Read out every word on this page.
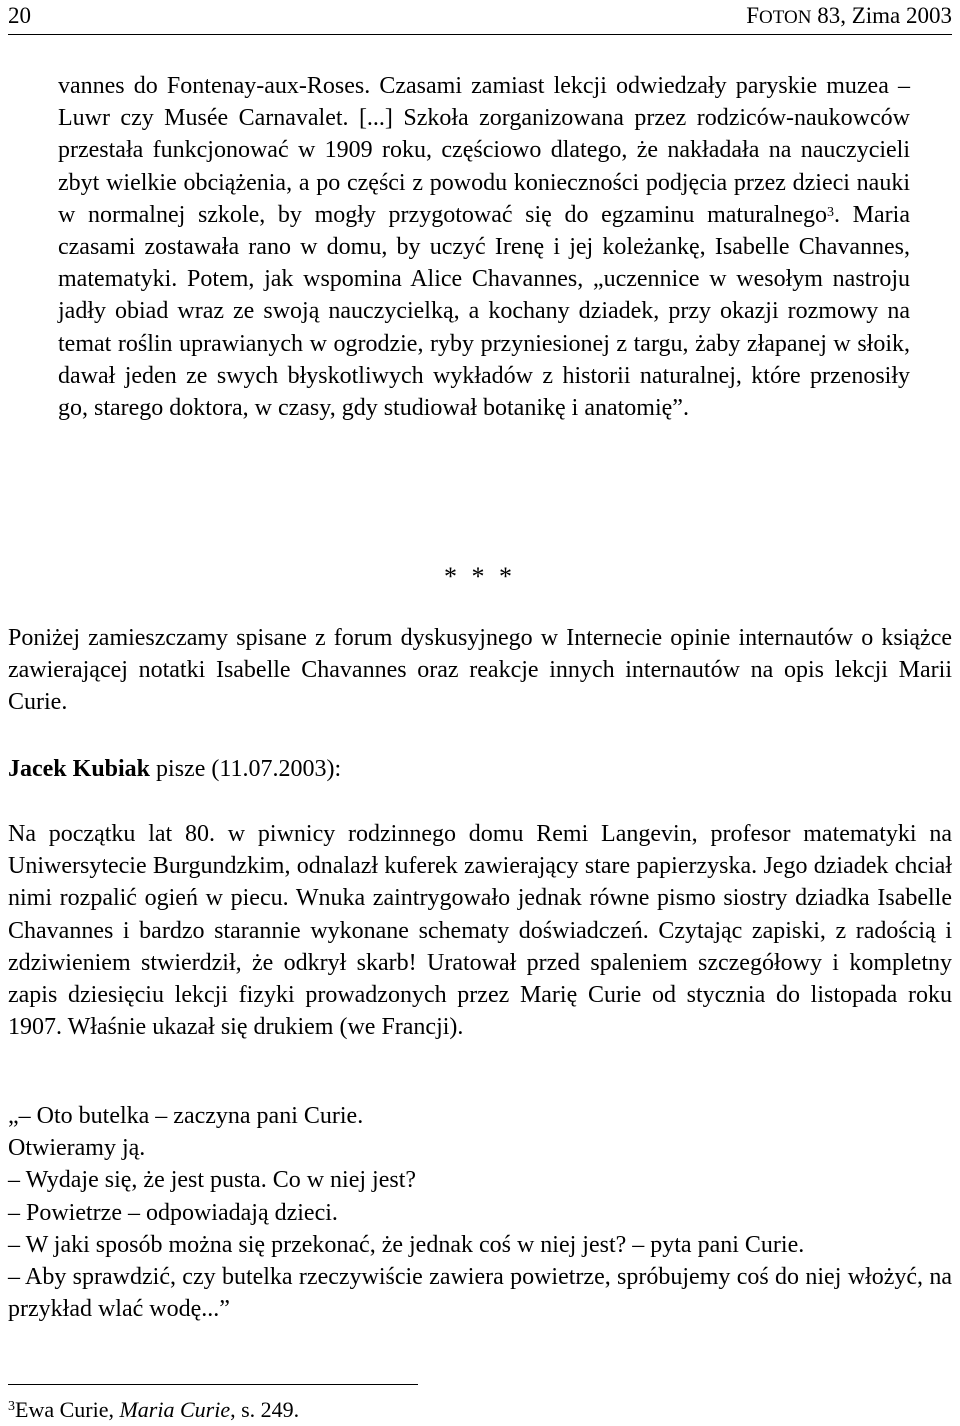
20	FOTON 83, Zima 2003

vannes do Fontenay-aux-Roses. Czasami zamiast lekcji odwiedzały paryskie muzea – Luwr czy Musée Carnavalet. [...] Szkoła zorganizowana przez rodziców-naukowców przestała funkcjonować w 1909 roku, częściowo dlatego, że nakładała na nauczycieli zbyt wielkie obciążenia, a po części z powodu konieczności podjęcia przez dzieci nauki w normalnej szkole, by mogły przygotować się do egzaminu maturalnego$^3$. Maria czasami zostawała rano w domu, by uczyć Irenę i jej koleżankę, Isabelle Chavannes, matematyki. Potem, jak wspomina Alice Chavannes, „uczennice w wesołym nastroju jadły obiad wraz ze swoją nauczycielką, a kochany dziadek, przy okazji rozmowy na temat roślin uprawianych w ogrodzie, ryby przyniesionej z targu, żaby złapanej w słoik, dawał jeden ze swych błyskotliwych wykładów z historii naturalnej, które przenosiły go, starego doktora, w czasy, gdy studiował botanikę i anatomię”.

* * *

Poniżej zamieszczamy spisane z forum dyskusyjnego w Internecie opinie internautów o książce zawierającej notatki Isabelle Chavannes oraz reakcje innych internautów na opis lekcji Marii Curie.

Jacek Kubiak pisze (11.07.2003):

Na początku lat 80. w piwnicy rodzinnego domu Remi Langevin, profesor matematyki na Uniwersytecie Burgundzkim, odnalazł kuferek zawierający stare papierzyska. Jego dziadek chciał nimi rozpalić ogień w piecu. Wnuka zaintrygowało jednak równe pismo siostry dziadka Isabelle Chavannes i bardzo starannie wykonane schematy doświadczeń. Czytając zapiski, z radością i zdziwieniem stwierdził, że odkrył skarb! Uratował przed spaleniem szczegółowy i kompletny zapis dziesięciu lekcji fizyki prowadzonych przez Marię Curie od stycznia do listopada roku 1907. Właśnie ukazał się drukiem (we Francji).

„– Oto butelka – zaczyna pani Curie.

Otwieramy ją.

– Wydaje się, że jest pusta. Co w niej jest?

– Powietrze – odpowiadają dzieci.

– W jaki sposób można się przekonać, że jednak coś w niej jest? – pyta pani Curie.

– Aby sprawdzić, czy butelka rzeczywiście zawiera powietrze, spróbujemy coś do niej włożyć, na przykład wlać wodę...”

$^3$Ewa Curie, Maria Curie, s. 249.
